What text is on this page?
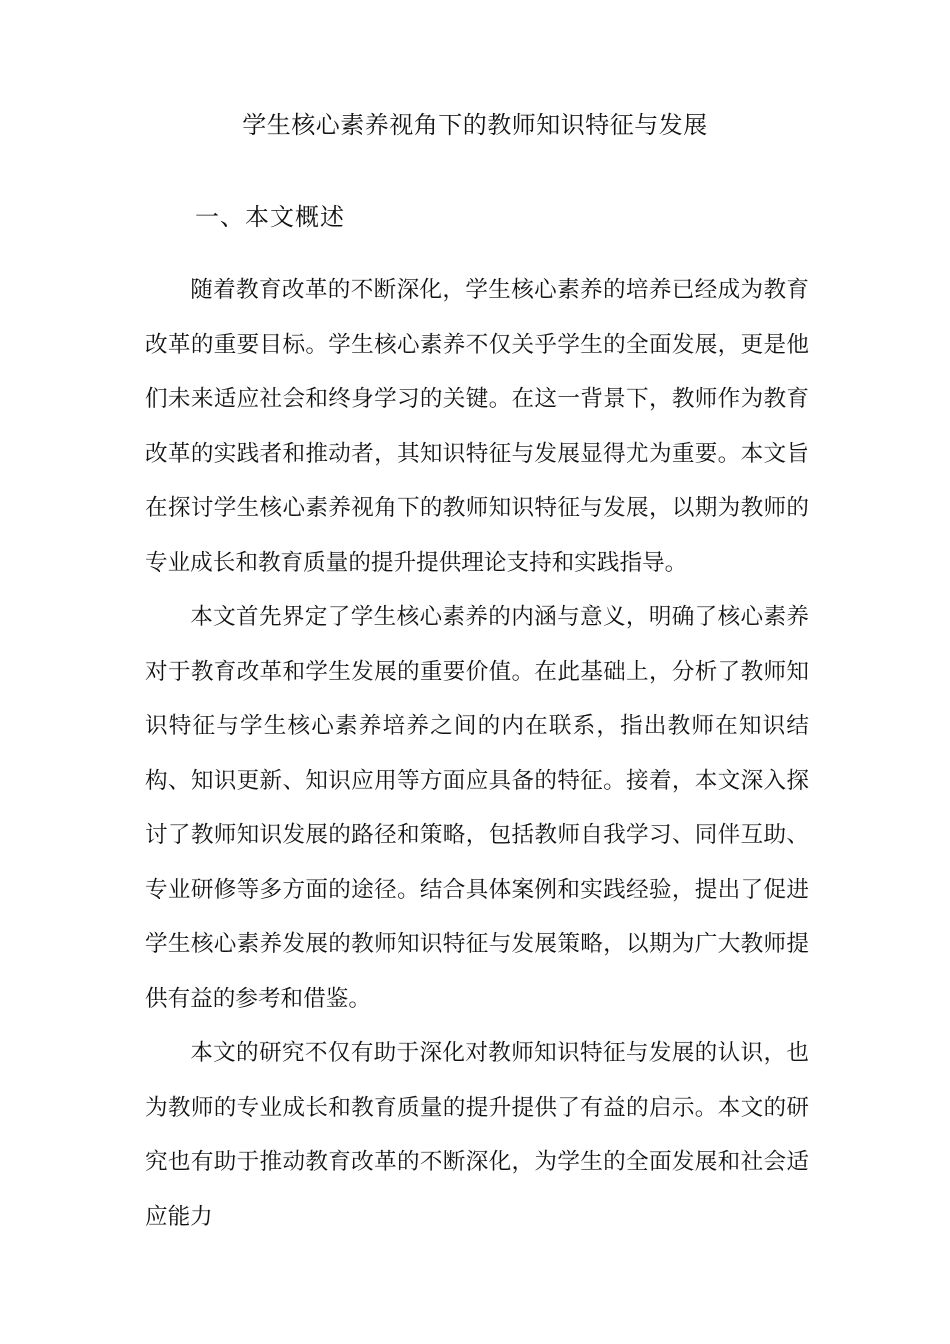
学生核心素养视角下的教师知识特征与发展
一、本文概述

随着教育改革的不断深化，学生核心素养的培养已经成为教育改革的重要目标。学生核心素养不仅关乎学生的全面发展，更是他们未来适应社会和终身学习的关键。在这一背景下，教师作为教育改革的实践者和推动者，其知识特征与发展显得尤为重要。本文旨在探讨学生核心素养视角下的教师知识特征与发展，以期为教师的专业成长和教育质量的提升提供理论支持和实践指导。

本文首先界定了学生核心素养的内涵与意义，明确了核心素养对于教育改革和学生发展的重要价值。在此基础上，分析了教师知识特征与学生核心素养培养之间的内在联系，指出教师在知识结构、知识更新、知识应用等方面应具备的特征。接着，本文深入探讨了教师知识发展的路径和策略，包括教师自我学习、同伴互助、专业研修等多方面的途径。结合具体案例和实践经验，提出了促进学生核心素养发展的教师知识特征与发展策略，以期为广大教师提供有益的参考和借鉴。

本文的研究不仅有助于深化对教师知识特征与发展的认识，也为教师的专业成长和教育质量的提升提供了有益的启示。本文的研究也有助于推动教育改革的不断深化，为学生的全面发展和社会适应能力
